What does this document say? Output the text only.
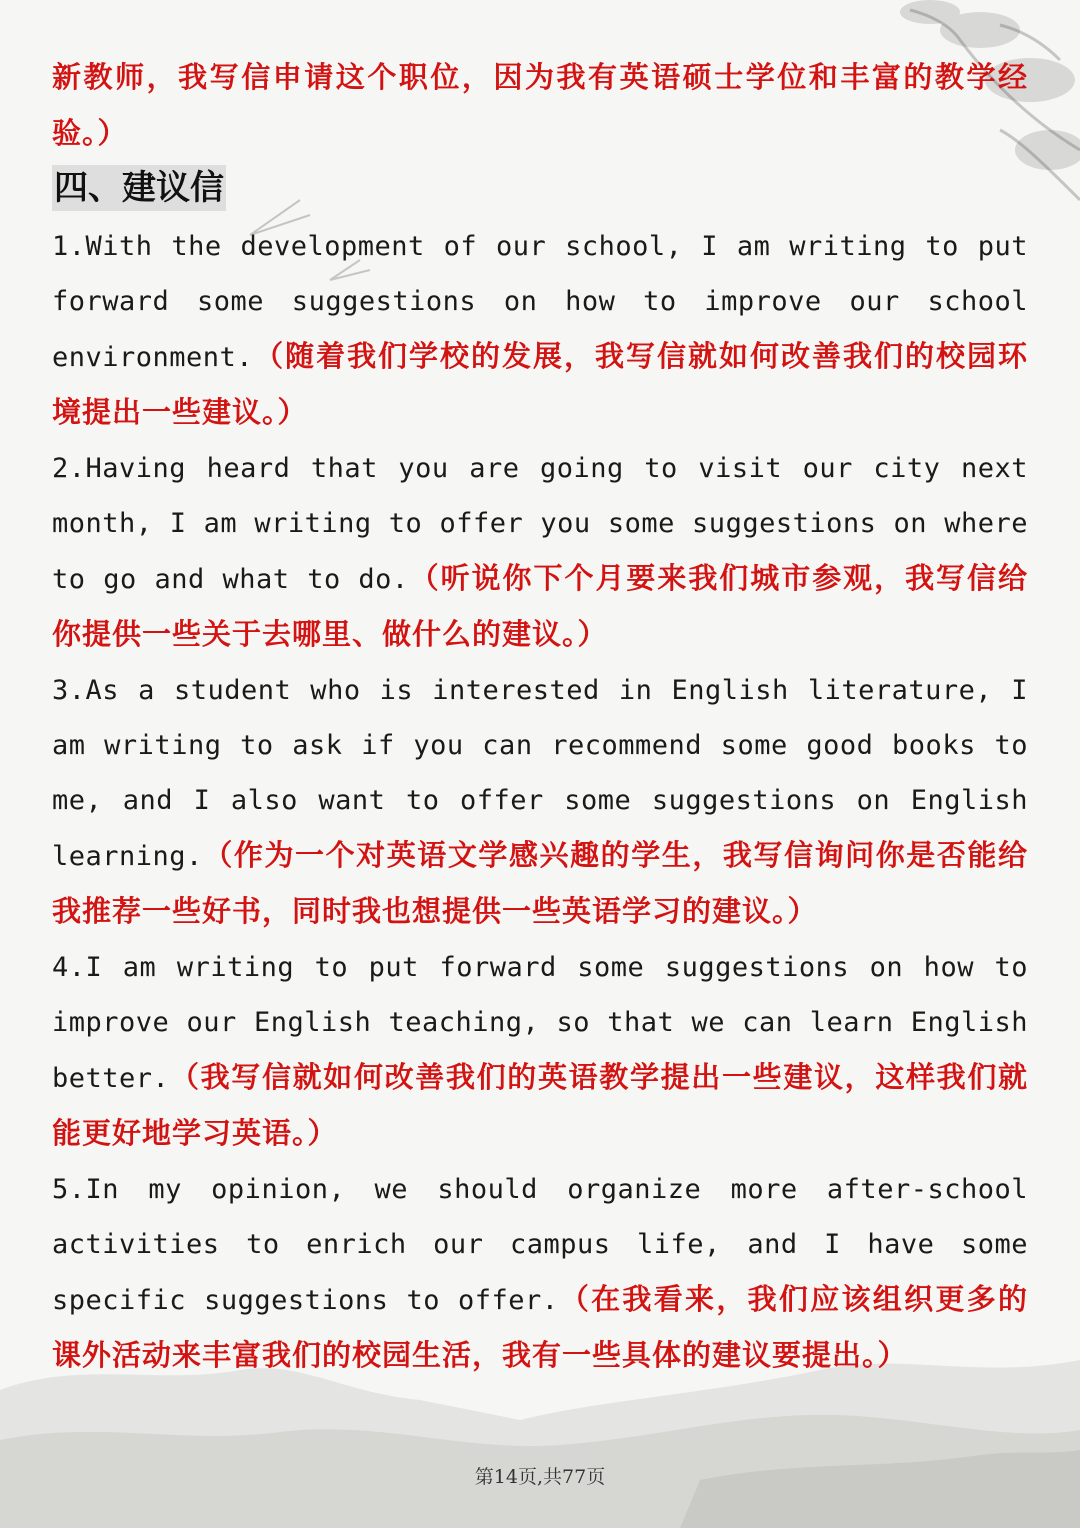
新教师，我写信申请这个职位，因为我有英语硕士学位和丰富的教学经验。）

四、建议信

1.With the development of our school, I am writing to put forward some suggestions on how to improve our school environment.（随着我们学校的发展，我写信就如何改善我们的校园环境提出一些建议。）

2.Having heard that you are going to visit our city next month, I am writing to offer you some suggestions on where to go and what to do.（听说你下个月要来我们城市参观，我写信给你提供一些关于去哪里、做什么的建议。）

3.As a student who is interested in English literature, I am writing to ask if you can recommend some good books to me, and I also want to offer some suggestions on English learning.（作为一个对英语文学感兴趣的学生，我写信询问你是否能给我推荐一些好书，同时我也想提供一些英语学习的建议。）

4.I am writing to put forward some suggestions on how to improve our English teaching, so that we can learn English better.（我写信就如何改善我们的英语教学提出一些建议，这样我们就能更好地学习英语。）

5.In my opinion, we should organize more after-school activities to enrich our campus life, and I have some specific suggestions to offer.（在我看来，我们应该组织更多的课外活动来丰富我们的校园生活，我有一些具体的建议要提出。）

第14页,共77页
